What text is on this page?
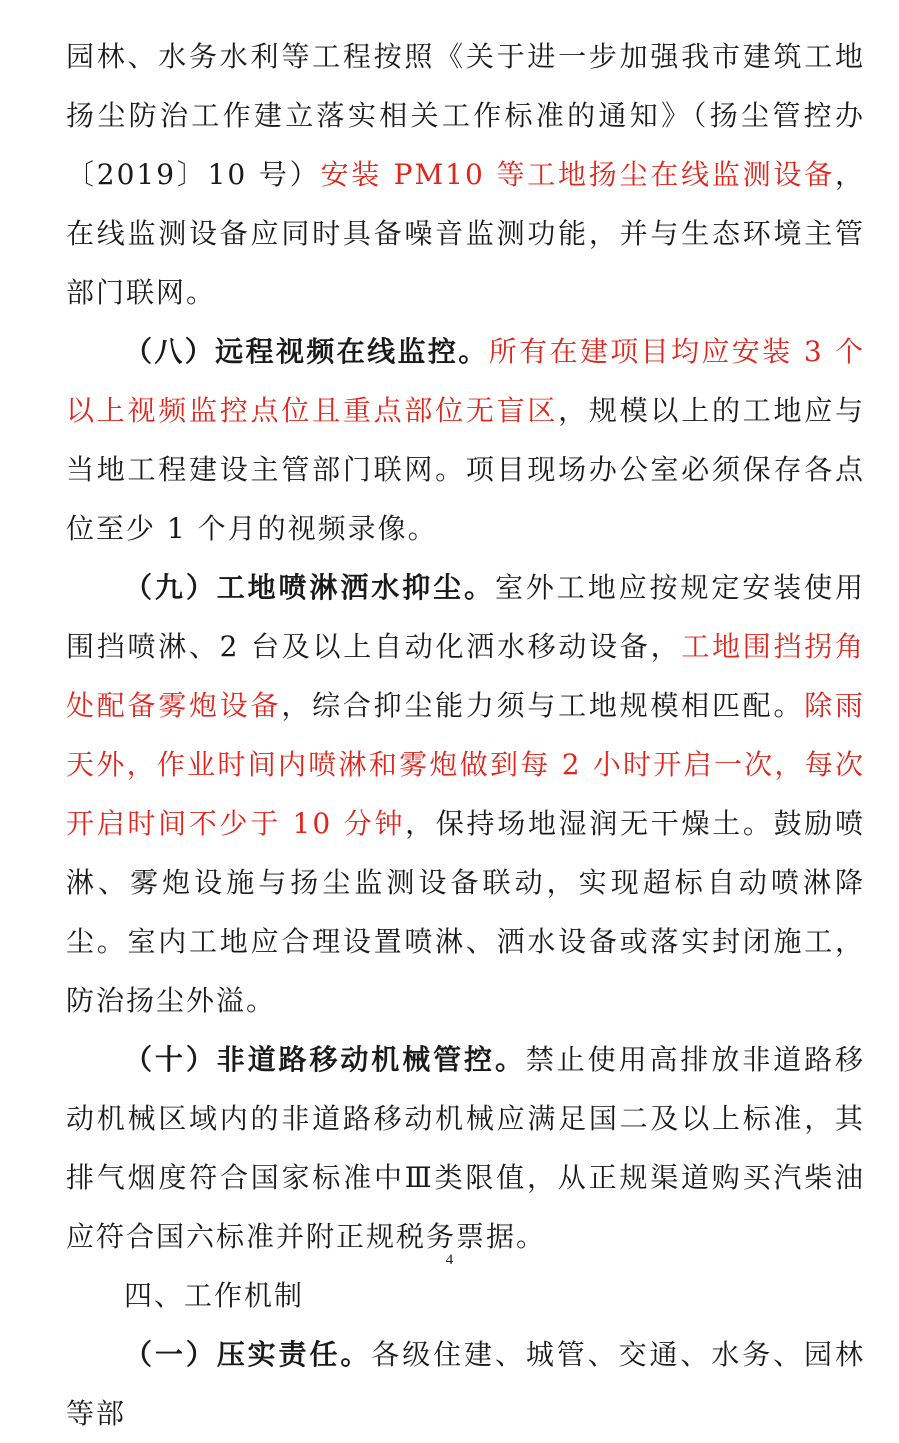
园林、水务水利等工程按照《关于进一步加强我市建筑工地扬尘防治工作建立落实相关工作标准的通知》（扬尘管控办〔2019〕10 号）安装 PM10 等工地扬尘在线监测设备，在线监测设备应同时具备噪音监测功能，并与生态环境主管部门联网。

（八）远程视频在线监控。所有在建项目均应安装 3 个以上视频监控点位且重点部位无盲区，规模以上的工地应与当地工程建设主管部门联网。项目现场办公室必须保存各点位至少 1 个月的视频录像。

（九）工地喷淋洒水抑尘。室外工地应按规定安装使用围挡喷淋、2 台及以上自动化洒水移动设备，工地围挡拐角处配备雾炮设备，综合抑尘能力须与工地规模相匹配。除雨天外，作业时间内喷淋和雾炮做到每 2 小时开启一次，每次开启时间不少于 10 分钟，保持场地湿润无干燥土。鼓励喷淋、雾炮设施与扬尘监测设备联动，实现超标自动喷淋降尘。室内工地应合理设置喷淋、洒水设备或落实封闭施工，防治扬尘外溢。

（十）非道路移动机械管控。禁止使用高排放非道路移动机械区域内的非道路移动机械应满足国二及以上标准，其排气烟度符合国家标准中Ⅲ类限值，从正规渠道购买汽柴油应符合国六标准并附正规税务票据。

四、工作机制

（一）压实责任。各级住建、城管、交通、水务、园林等部

4
